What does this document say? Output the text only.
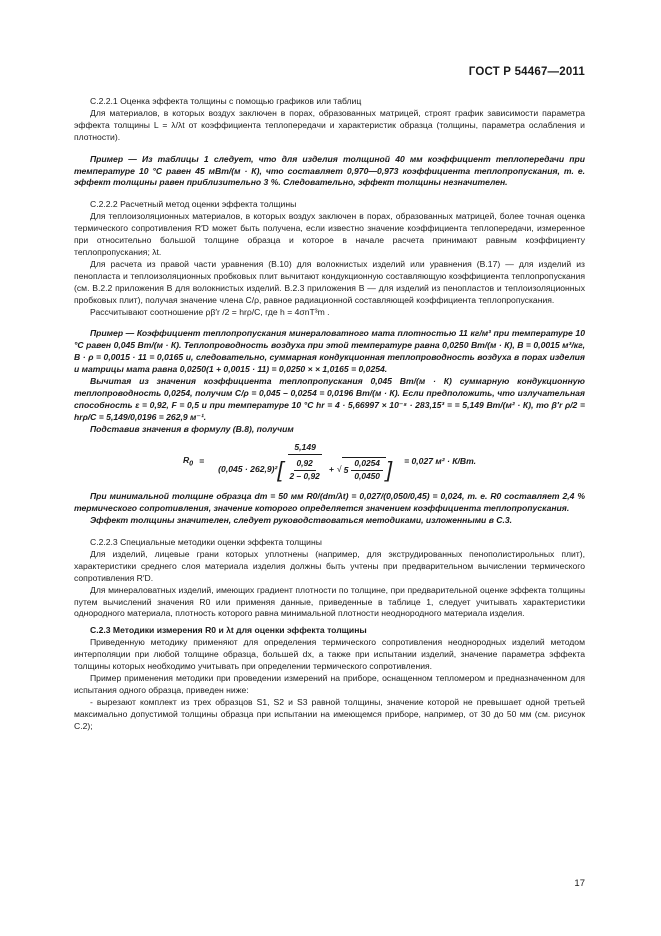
ГОСТ Р 54467—2011

С.2.2.1 Оценка эффекта толщины с помощью графиков или таблиц

Для материалов, в которых воздух заключен в порах, образованных матрицей, строят график зависимости параметра эффекта толщины L = λ/λt от коэффициента теплопередачи и характеристик образца (толщины, параметра ослабления и плотности).

Пример — Из таблицы 1 следует, что для изделия толщиной 40 мм коэффициент теплопередачи при температуре 10 °С равен 45 мВт/(м · К), что составляет 0,970—0,973 коэффициента теплопропускания, т. е. эффект толщины равен приблизительно 3 %. Следовательно, эффект толщины незначителен.

С.2.2.2 Расчетный метод оценки эффекта толщины

Для теплоизоляционных материалов, в которых воздух заключен в порах, образованных матрицей, более точная оценка термического сопротивления R′D может быть получена, если известно значение коэффициента теплопередачи, измеренное при относительно большой толщине образца и которое в начале расчета принимают равным коэффициенту теплопропускания; λt.

Для расчета из правой части уравнения (В.10) для волокнистых изделий или уравнения (В.17) — для изделий из пенопласта и теплоизоляционных пробковых плит вычитают кондукционную составляющую коэффициента теплопропускания (см. В.2.2 приложения В для волокнистых изделий. В.2.3 приложения В — для изделий из пенопластов и теплоизоляционных пробковых плит), получая значение члена C/ρ, равное радиационной составляющей коэффициента теплопропускания.

Рассчитывают соотношение ρβ′r /2 = hrρ/C, где h = 4σnT³m .

Пример — Коэффициент теплопропускания минераловатного мата плотностью 11 кг/м³ при температуре 10 °С равен 0,045 Вт/(м · К). Теплопроводность воздуха при этой температуре равна 0,0250 Вт/(м · К), В = 0,0015 м³/кг, В · ρ = 0,0015 · 11 = 0,0165 и, следовательно, суммарная кондукционная теплопроводность воздуха в порах изделия и матрицы мата равна 0,0250(1 + 0,0015 · 11) = 0,0250 × × 1,0165 = 0,0254.

Вычитая из значения коэффициента теплопропускания 0,045 Вт/(м · К) суммарную кондукционную теплопроводность 0,0254, получим C/ρ = 0,045 – 0,0254 = 0,0196 Вт/(м · К). Если предположить, что излучательная способность ε = 0,92, F = 0,5 и при температуре 10 °С hr = 4 · 5,66997 × 10⁻⁸ · 283,15³ = = 5,149 Вт/(м² · К), то β′r ρ/2 = hrρ/C = 5,149/0,0196 = 262,9 м⁻¹.

Подставив значения в формулу (В.8), получим

$R_0$ =
5,149
(0,045 · 262,9)² [ $\frac{0,92}{2 - 0,92}$ + √ $5 \frac{0,0254}{0,0450}$ ] = 0,027 м² · К/Вт.

При минимальной толщине образца dm = 50 мм R0/(dm/λt) = 0,027/(0,050/0,45) = 0,024, т. е. R0 составляет 2,4 % термического сопротивления, значение которого определяется значением коэффициента теплопропускания.

Эффект толщины значителен, следует руководствоваться методиками, изложенными в С.3.

С.2.2.3 Специальные методики оценки эффекта толщины

Для изделий, лицевые грани которых уплотнены (например, для экструдированных пенополистирольных плит), характеристики среднего слоя материала изделия должны быть учтены при предварительном вычислении термического сопротивления R′D.

Для минераловатных изделий, имеющих градиент плотности по толщине, при предварительной оценке эффекта толщины путем вычислений значения R0 или применяя данные, приведенные в таблице 1, следует учитывать характеристики однородного материала, плотность которого равна минимальной плотности неоднородного материала изделия.

С.2.3 Методики измерения R0 и λt для оценки эффекта толщины

Приведенную методику применяют для определения термического сопротивления неоднородных изделий методом интерполяции при любой толщине образца, большей dx, а также при испытании изделий, значение параметра эффекта толщины которых необходимо учитывать при определении термического сопротивления.

Пример применения методики при проведении измерений на приборе, оснащенном тепломером и предназначенном для испытания одного образца, приведен ниже:

- вырезают комплект из трех образцов S1, S2 и S3 равной толщины, значение которой не превышает одной третьей максимально допустимой толщины образца при испытании на имеющемся приборе, например, от 30 до 50 мм (см. рисунок С.2);

17
